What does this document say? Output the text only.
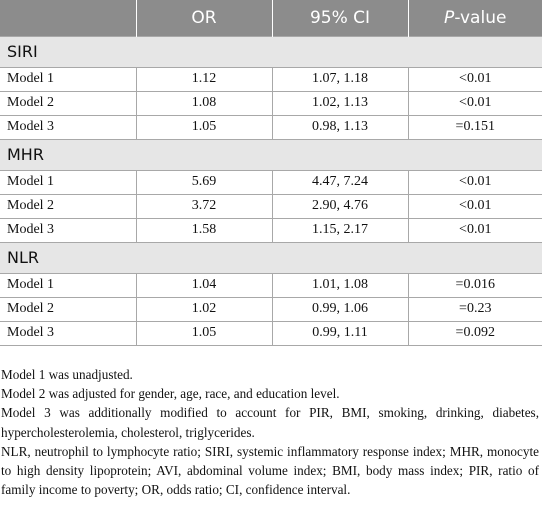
	OR	95% CI	P-value
SIRI			
Model 1	1.12	1.07, 1.18	<0.01
Model 2	1.08	1.02, 1.13	<0.01
Model 3	1.05	0.98, 1.13	=0.151
MHR			
Model 1	5.69	4.47, 7.24	<0.01
Model 2	3.72	2.90, 4.76	<0.01
Model 3	1.58	1.15, 2.17	<0.01
NLR			
Model 1	1.04	1.01, 1.08	=0.016
Model 2	1.02	0.99, 1.06	=0.23
Model 3	1.05	0.99, 1.11	=0.092

Model 1 was unadjusted.

Model 2 was adjusted for gender, age, race, and education level.

Model 3 was additionally modified to account for PIR, BMI, smoking, drinking, diabetes, hypercholesterolemia, cholesterol, triglycerides.

NLR, neutrophil to lymphocyte ratio; SIRI, systemic inflammatory response index; MHR, monocyte to high density lipoprotein; AVI, abdominal volume index; BMI, body mass index; PIR, ratio of family income to poverty; OR, odds ratio; CI, confidence interval.
